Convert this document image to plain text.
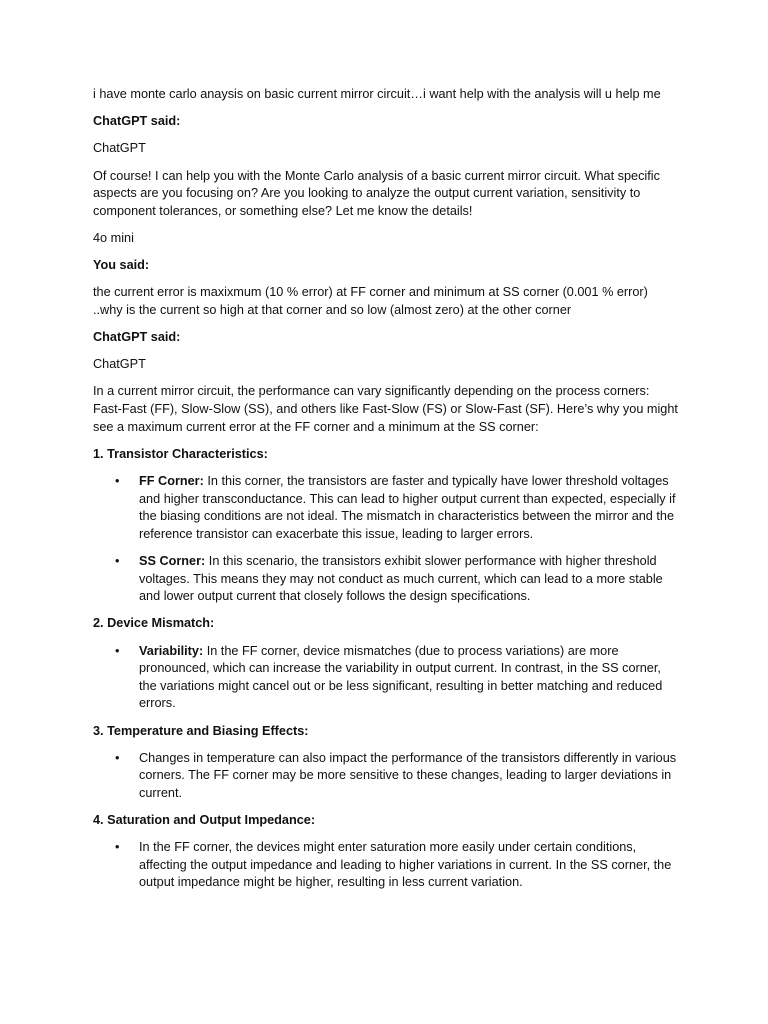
i have monte carlo anaysis on basic current mirror circuit…i want help with the analysis will u help me

ChatGPT said:

ChatGPT

Of course! I can help you with the Monte Carlo analysis of a basic current mirror circuit. What specific aspects are you focusing on? Are you looking to analyze the output current variation, sensitivity to component tolerances, or something else? Let me know the details!

4o mini

You said:

the current error is maxixmum (10 % error) at FF corner and minimum at SS corner (0.001 % error) ..why is the current so high at that corner and so low (almost zero) at the other corner

ChatGPT said:

ChatGPT

In a current mirror circuit, the performance can vary significantly depending on the process corners: Fast-Fast (FF), Slow-Slow (SS), and others like Fast-Slow (FS) or Slow-Fast (SF). Here’s why you might see a maximum current error at the FF corner and a minimum at the SS corner:

1. Transistor Characteristics:

• FF Corner: In this corner, the transistors are faster and typically have lower threshold voltages and higher transconductance. This can lead to higher output current than expected, especially if the biasing conditions are not ideal. The mismatch in characteristics between the mirror and the reference transistor can exacerbate this issue, leading to larger errors.
• SS Corner: In this scenario, the transistors exhibit slower performance with higher threshold voltages. This means they may not conduct as much current, which can lead to a more stable and lower output current that closely follows the design specifications.

2. Device Mismatch:

• Variability: In the FF corner, device mismatches (due to process variations) are more pronounced, which can increase the variability in output current. In contrast, in the SS corner, the variations might cancel out or be less significant, resulting in better matching and reduced errors.

3. Temperature and Biasing Effects:

• Changes in temperature can also impact the performance of the transistors differently in various corners. The FF corner may be more sensitive to these changes, leading to larger deviations in current.

4. Saturation and Output Impedance:

• In the FF corner, the devices might enter saturation more easily under certain conditions, affecting the output impedance and leading to higher variations in current. In the SS corner, the output impedance might be higher, resulting in less current variation.
